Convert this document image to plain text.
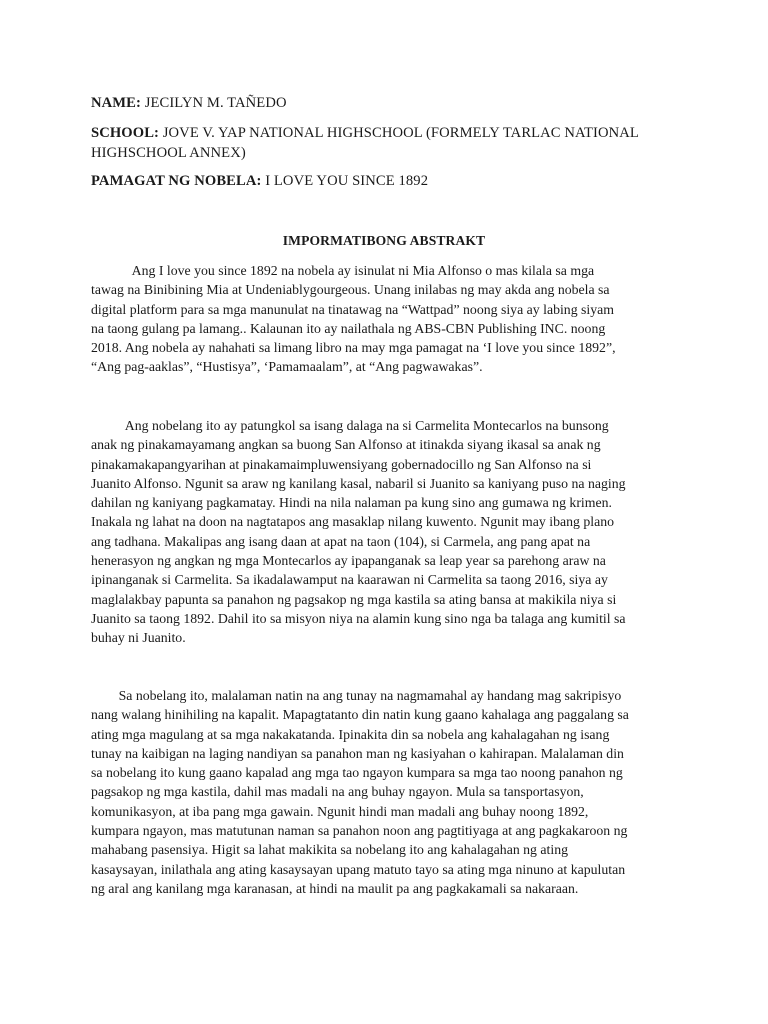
NAME: JECILYN M. TAÑEDO
SCHOOL: JOVE V. YAP NATIONAL HIGHSCHOOL (FORMELY TARLAC NATIONAL HIGHSCHOOL ANNEX)
PAMAGAT NG NOBELA: I LOVE YOU SINCE 1892
IMPORMATIBONG ABSTRAKT
Ang I love you since 1892 na nobela ay isinulat ni Mia Alfonso o mas kilala sa mga
tawag na Binibining Mia at Undeniablygourgeous. Unang inilabas ng may akda ang nobela sa
digital platform para sa mga manunulat na tinatawag na “Wattpad” noong siya ay labing siyam
na taong gulang pa lamang.. Kalaunan ito ay nailathala ng ABS-CBN Publishing INC. noong
2018. Ang nobela ay nahahati sa limang libro na may mga pamagat na ‘I love you since 1892”,
“Ang pag-aaklas”, “Hustisya”, ‘Pamamaalam”, at “Ang pagwawakas”.
Ang nobelang ito ay patungkol sa isang dalaga na si Carmelita Montecarlos na bunsong
anak ng pinakamayamang angkan sa buong San Alfonso at itinakda siyang ikasal sa anak ng
pinakamakapangyarihan at pinakamaimpluwensiyang gobernadocillo ng San Alfonso na si
Juanito Alfonso. Ngunit sa araw ng kanilang kasal, nabaril si Juanito sa kaniyang puso na naging
dahilan ng kaniyang pagkamatay. Hindi na nila nalaman pa kung sino ang gumawa ng krimen.
Inakala ng lahat na doon na nagtatapos ang masaklap nilang kuwento. Ngunit may ibang plano
ang tadhana. Makalipas ang isang daan at apat na taon (104), si Carmela, ang pang apat na
henerasyon ng angkan ng mga Montecarlos ay ipapanganak sa leap year sa parehong araw na
ipinanganak si Carmelita. Sa ikadalawamput na kaarawan ni Carmelita sa taong 2016, siya ay
maglalakbay papunta sa panahon ng pagsakop ng mga kastila sa ating bansa at makikila niya si
Juanito sa taong 1892. Dahil ito sa misyon niya na alamin kung sino nga ba talaga ang kumitil sa
buhay ni Juanito.
Sa nobelang ito, malalaman natin na ang tunay na nagmamahal ay handang mag sakripisyo
nang walang hinihiling na kapalit. Mapagtatanto din natin kung gaano kahalaga ang paggalang sa
ating mga magulang at sa mga nakakatanda. Ipinakita din sa nobela ang kahalagahan ng isang
tunay na kaibigan na laging nandiyan sa panahon man ng kasiyahan o kahirapan. Malalaman din
sa nobelang ito kung gaano kapalad ang mga tao ngayon kumpara sa mga tao noong panahon ng
pagsakop ng mga kastila, dahil mas madali na ang buhay ngayon. Mula sa tansportasyon,
komunikasyon, at iba pang mga gawain. Ngunit hindi man madali ang buhay noong 1892,
kumpara ngayon, mas matutunan naman sa panahon noon ang pagtitiyaga at ang pagkakaroon ng
mahabang pasensiya. Higit sa lahat makikita sa nobelang ito ang kahalagahan ng ating
kasaysayan, inilathala ang ating kasaysayan upang matuto tayo sa ating mga ninuno at kapulutan
ng aral ang kanilang mga karanasan, at hindi na maulit pa ang pagkakamali sa nakaraan.
